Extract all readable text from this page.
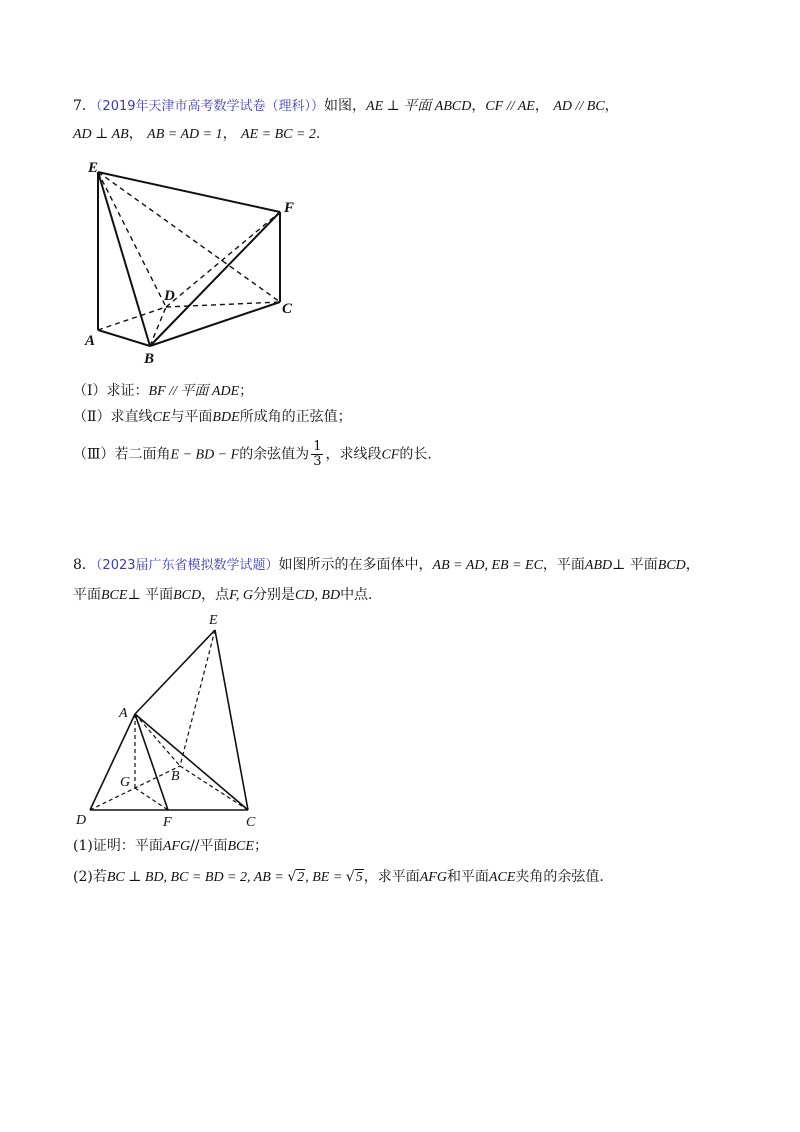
7．（2019年天津市高考数学试卷（理科））如图，AE ⊥ 平面 ABCD，CF // AE， AD // BC，
AD ⊥ AB， AB = AD = 1， AE = BC = 2.
E
F
D
C
A
B
（Ⅰ）求证：BF // 平面 ADE；
（Ⅱ）求直线CE与平面BDE所成角的正弦值；
（Ⅲ）若二面角E − BD − F的余弦值为 $\frac{1}{3}$ ，求线段CF的长.
8．（2023届广东省模拟数学试题）如图所示的在多面体中，AB = AD, EB = EC，平面ABD⊥ 平面BCD，
平面BCE⊥ 平面BCD，点F, G分别是CD, BD中点.
E
A
G	B
D	F	C
(1)证明：平面AFG//平面BCE；
(2)若BC ⊥ BD, BC = BD = 2, AB = √2, BE = √5，求平面AFG和平面ACE夹角的余弦值.
